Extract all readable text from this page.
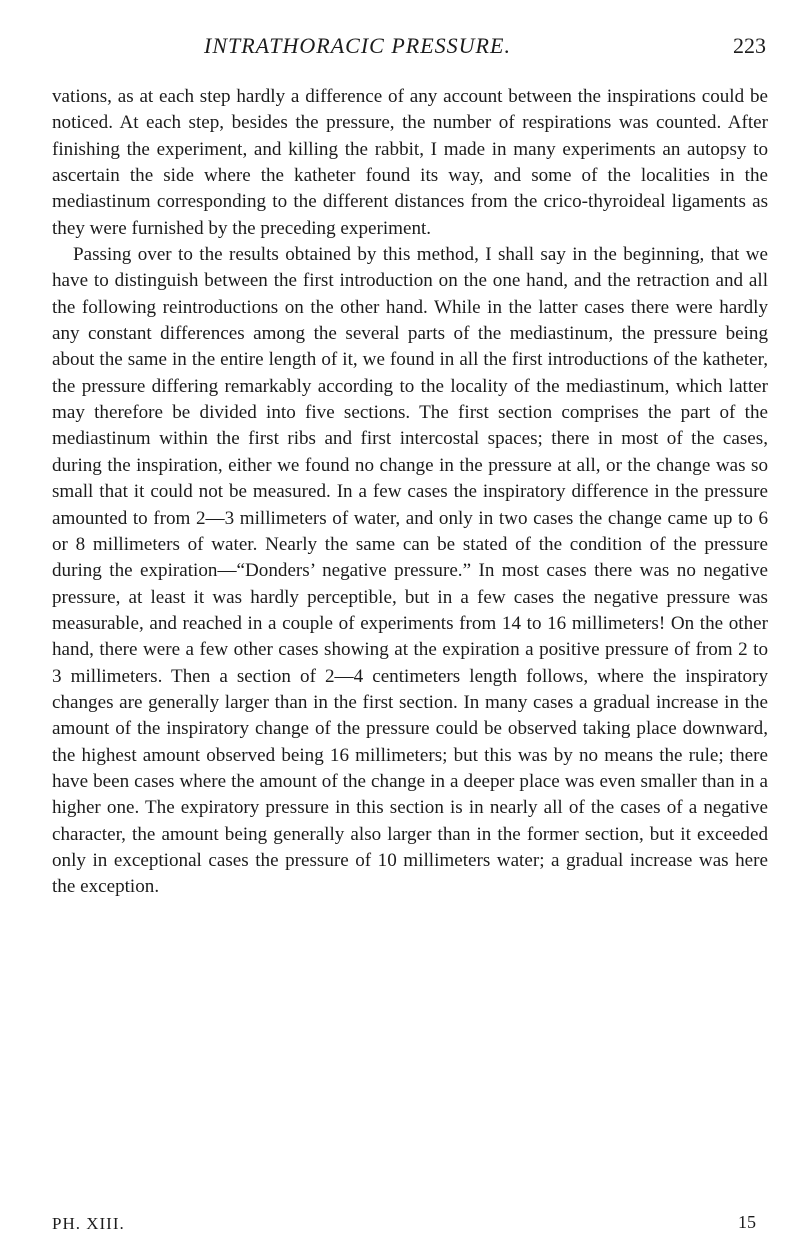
INTRATHORACIC PRESSURE.	223

vations, as at each step hardly a difference of any account between the inspirations could be noticed. At each step, besides the pressure, the number of respirations was counted. After finishing the experiment, and killing the rabbit, I made in many experiments an autopsy to ascertain the side where the katheter found its way, and some of the localities in the mediastinum corresponding to the different distances from the crico-thyroideal ligaments as they were furnished by the preceding experiment.

Passing over to the results obtained by this method, I shall say in the beginning, that we have to distinguish between the first introduction on the one hand, and the retraction and all the following reintroductions on the other hand. While in the latter cases there were hardly any constant differences among the several parts of the mediastinum, the pressure being about the same in the entire length of it, we found in all the first introductions of the katheter, the pressure differing remarkably according to the locality of the mediastinum, which latter may therefore be divided into five sections. The first section comprises the part of the mediastinum within the first ribs and first intercostal spaces; there in most of the cases, during the inspiration, either we found no change in the pressure at all, or the change was so small that it could not be measured. In a few cases the inspiratory difference in the pressure amounted to from 2—3 millimeters of water, and only in two cases the change came up to 6 or 8 millimeters of water. Nearly the same can be stated of the condition of the pressure during the expiration—“Donders’ negative pressure.” In most cases there was no negative pressure, at least it was hardly perceptible, but in a few cases the negative pressure was measurable, and reached in a couple of experiments from 14 to 16 millimeters! On the other hand, there were a few other cases showing at the expiration a positive pressure of from 2 to 3 millimeters. Then a section of 2—4 centimeters length follows, where the inspiratory changes are generally larger than in the first section. In many cases a gradual increase in the amount of the inspiratory change of the pressure could be observed taking place downward, the highest amount observed being 16 millimeters; but this was by no means the rule; there have been cases where the amount of the change in a deeper place was even smaller than in a higher one. The expiratory pressure in this section is in nearly all of the cases of a negative character, the amount being generally also larger than in the former section, but it exceeded only in exceptional cases the pressure of 10 millimeters water; a gradual increase was here the exception.

PH. XIII.	15
